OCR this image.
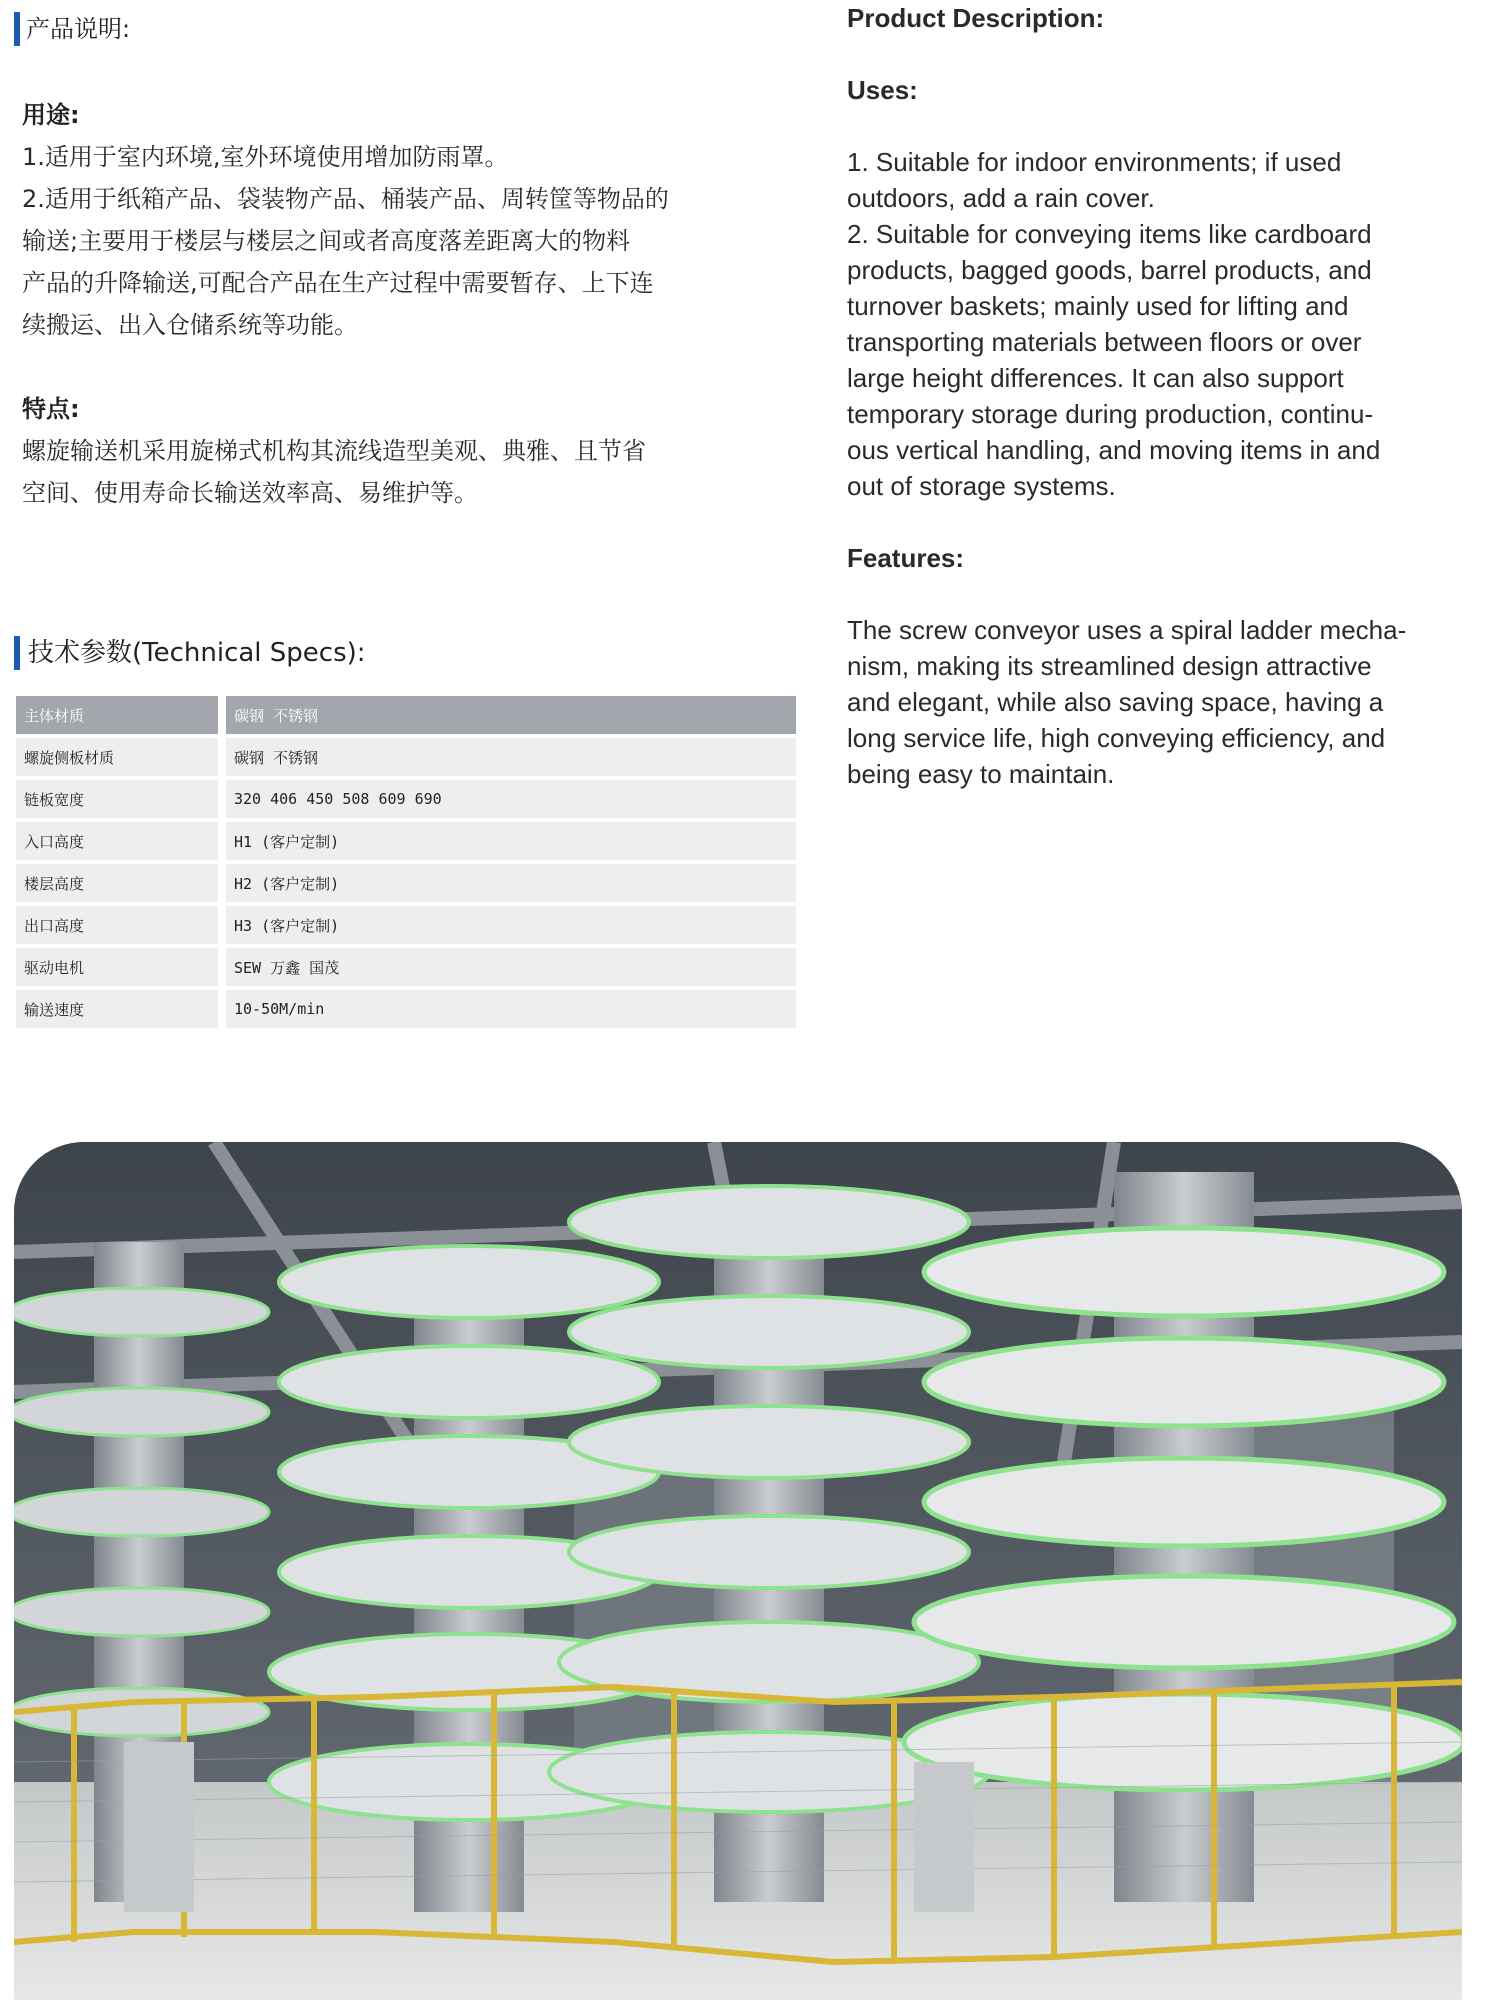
产品说明:

用途:

1.适用于室内环境,室外环境使用增加防雨罩。

2.适用于纸箱产品、袋装物产品、桶装产品、周转筐等物品的

输送;主要用于楼层与楼层之间或者高度落差距离大的物料

产品的升降输送,可配合产品在生产过程中需要暂存、上下连

续搬运、出入仓储系统等功能。

特点:

螺旋输送机采用旋梯式机构其流线造型美观、典雅、且节省

空间、使用寿命长输送效率高、易维护等。

技术参数(Technical Specs):
主体材质	碳钢 不锈钢
螺旋侧板材质	碳钢 不锈钢
链板宽度	320 406 450 508 609 690
入口高度	H1 (客户定制)
楼层高度	H2 (客户定制)
出口高度	H3 (客户定制)
驱动电机	SEW 万鑫 国茂
输送速度	10-50M/min

Product Description:

Uses:

1. Suitable for indoor environments; if used

outdoors, add a rain cover.

2. Suitable for conveying items like cardboard

products, bagged goods, barrel products, and

turnover baskets; mainly used for lifting and

transporting materials between floors or over

large height differences. It can also support

temporary storage during production, continu-

ous vertical handling, and moving items in and

out of storage systems.

Features:

The screw conveyor uses a spiral ladder mecha-

nism, making its streamlined design attractive

and elegant, while also saving space, having a

long service life, high conveying efficiency, and

being easy to maintain.
